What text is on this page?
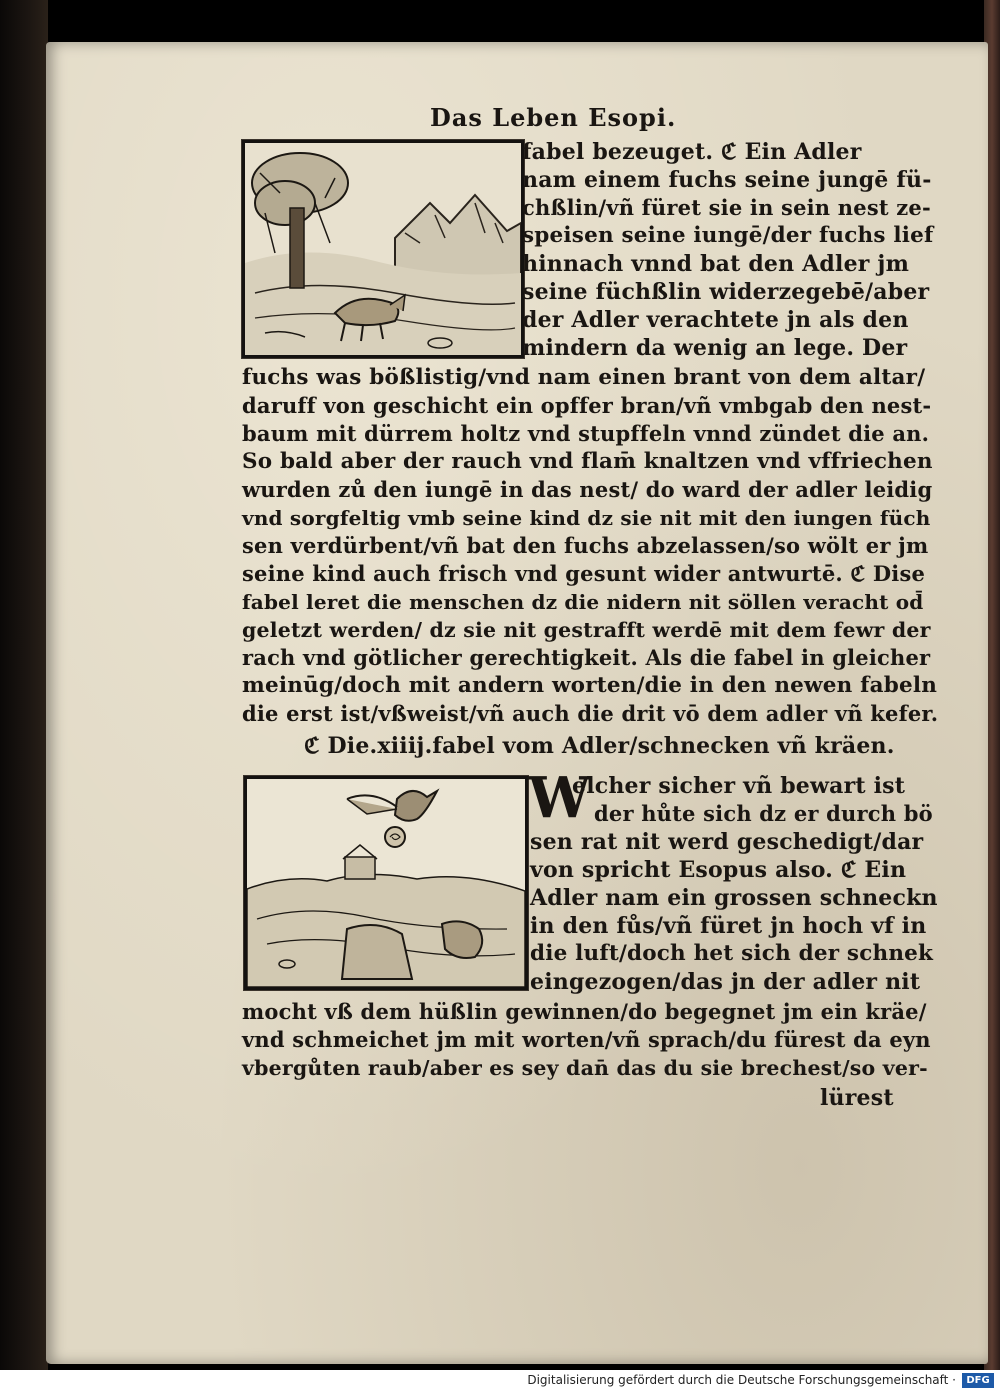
Das Leben Esopi.

fabel bezeuget. ℭ Ein Adler

nam einem fuchs seine jungē fü-

chßlin/vñ füret sie in sein nest ze-

speisen seine iungē/der fuchs lief

hinnach vnnd bat den Adler jm

seine füchßlin widerzegebē/aber

der Adler verachtete jn als den

mindern da wenig an lege. Der

fuchs was bößlistig/vnd nam einen brant von dem altar/

daruff von geschicht ein opffer bran/vñ vmbgab den nest-

baum mit dürrem holtz vnd stupffeln vnnd zündet die an.

So bald aber der rauch vnd flam̄ knaltzen vnd vffriechen

wurden zů den iungē in das nest/ do ward der adler leidig

vnd sorgfeltig vmb seine kind dz sie nit mit den iungen füch

sen verdürbent/vñ bat den fuchs abzelassen/so wölt er jm

seine kind auch frisch vnd gesunt wider antwurtē. ℭ Dise

fabel leret die menschen dz die nidern nit söllen veracht od̄

geletzt werden/ dz sie nit gestrafft werdē mit dem fewr der

rach vnd götlicher gerechtigkeit. Als die fabel in gleicher

meinūg/doch mit andern worten/die in den newen fabeln

die erst ist/vßweist/vñ auch die drit vō dem adler vñ kefer.

ℭ Die.xiiij.fabel vom Adler/schnecken vñ kräen.

W

elcher sicher vñ bewart ist

der hůte sich dz er durch bö

sen rat nit werd geschedigt/dar

von spricht Esopus also. ℭ Ein

Adler nam ein grossen schneckn

in den fůs/vñ füret jn hoch vf in

die luft/doch het sich der schnek

eingezogen/das jn der adler nit

mocht vß dem hüßlin gewinnen/do begegnet jm ein kräe/

vnd schmeichet jm mit worten/vñ sprach/du fürest da eyn

vbergůten raub/aber es sey dan̄ das du sie brechest/so ver-

lürest

Digitalisierung gefördert durch die Deutsche Forschungsgemeinschaft ·	DFG
